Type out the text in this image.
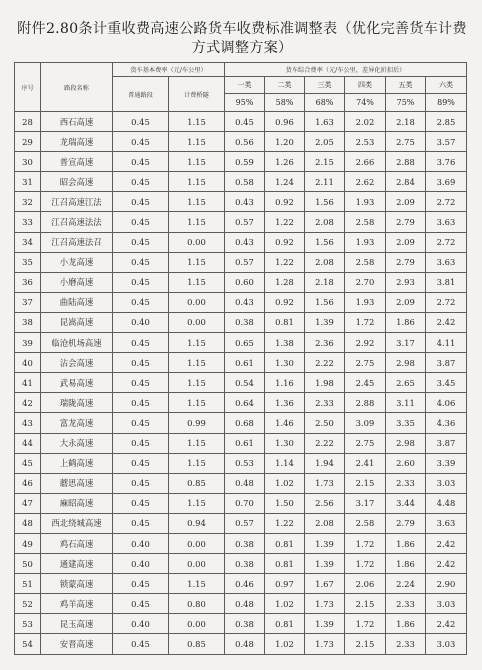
附件2.80条计重收费高速公路货车收费标准调整表（优化完善货车计费方式调整方案）
序号	路段名称	货车基本费率（元/车公里）		货车综合费率（元/车公里，差异化折扣后）					
		普通路段	计费桥隧	一类	二类	三类	四类	五类	六类
				95%	58%	68%	74%	75%	89%
28	西石高速	0.45	1.15	0.45	0.96	1.63	2.02	2.18	2.85
29	龙瑞高速	0.45	1.15	0.56	1.20	2.05	2.53	2.75	3.57
30	普宣高速	0.45	1.15	0.59	1.26	2.15	2.66	2.88	3.76
31	昭会高速	0.45	1.15	0.58	1.24	2.11	2.62	2.84	3.69
32	江召高速江法	0.45	1.15	0.43	0.92	1.56	1.93	2.09	2.72
33	江召高速法法	0.45	1.15	0.57	1.22	2.08	2.58	2.79	3.63
34	江召高速法召	0.45	0.00	0.43	0.92	1.56	1.93	2.09	2.72
35	小龙高速	0.45	1.15	0.57	1.22	2.08	2.58	2.79	3.63
36	小磨高速	0.45	1.15	0.60	1.28	2.18	2.70	2.93	3.81
37	曲陆高速	0.45	0.00	0.43	0.92	1.56	1.93	2.09	2.72
38	昆嵩高速	0.40	0.00	0.38	0.81	1.39	1.72	1.86	2.42
39	临沧机场高速	0.45	1.15	0.65	1.38	2.36	2.92	3.17	4.11
40	沾会高速	0.45	1.15	0.61	1.30	2.22	2.75	2.98	3.87
41	武易高速	0.45	1.15	0.54	1.16	1.98	2.45	2.65	3.45
42	瑞陇高速	0.45	1.15	0.64	1.36	2.33	2.88	3.11	4.06
43	富龙高速	0.45	0.99	0.68	1.46	2.50	3.09	3.35	4.36
44	大永高速	0.45	1.15	0.61	1.30	2.22	2.75	2.98	3.87
45	上鹤高速	0.45	1.15	0.53	1.14	1.94	2.41	2.60	3.39
46	蘑思高速	0.45	0.85	0.48	1.02	1.73	2.15	2.33	3.03
47	麻昭高速	0.45	1.15	0.70	1.50	2.56	3.17	3.44	4.48
48	西北绕城高速	0.45	0.94	0.57	1.22	2.08	2.58	2.79	3.63
49	鸡石高速	0.40	0.00	0.38	0.81	1.39	1.72	1.86	2.42
50	通建高速	0.40	0.00	0.38	0.81	1.39	1.72	1.86	2.42
51	锁蒙高速	0.45	1.15	0.46	0.97	1.67	2.06	2.24	2.90
52	鸡羊高速	0.45	0.80	0.48	1.02	1.73	2.15	2.33	3.03
53	昆玉高速	0.40	0.00	0.38	0.81	1.39	1.72	1.86	2.42
54	安晋高速	0.45	0.85	0.48	1.02	1.73	2.15	2.33	3.03
